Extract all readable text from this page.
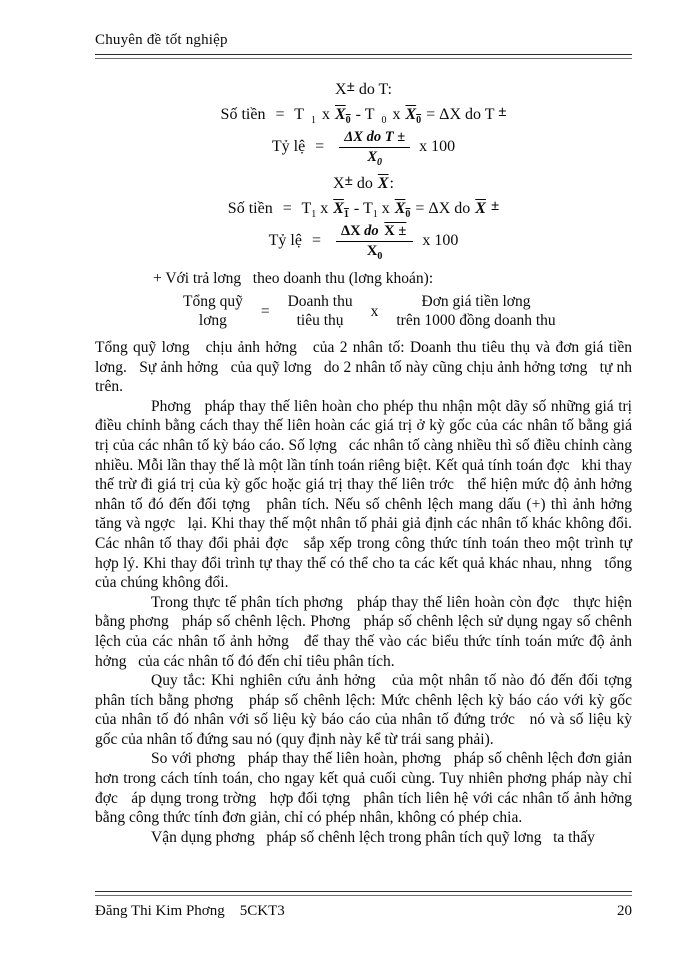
Chuyên đề tốt nghiệp
X± do T:
Số tiền = T $_1$ x $X_0$ - T $_0$ x $X_0 = \Delta X$ do T ±
Tỷ lệ = $\frac{\text{ΔX do T ±}}{X_0}$ x 100
X± do $\overline{X}$:
Số tiền = $T_1$ x $X_1 - T_1$ x $X_0 = \Delta X$ do $\overline{X}$ ±
Tỷ lệ = $\frac{\text{ΔX do X ±}}{X_0}$ x 100
+ Với trả lơng   theo doanh thu (lơng khoán):
Tổng quỹ
lơng
=
Doanh thu
tiêu thụ
x
Đơn giá tiền lơng
trên 1000 đồng doanh thu

Tổng quỹ lơng   chịu ảnh hởng   của 2 nhân tố: Doanh thu tiêu thụ và đơn giá tiền lơng.   Sự ảnh hởng   của quỹ lơng   do 2 nhân tố này cũng chịu ảnh hởng tơng   tự nh   trên.

Phơng   pháp thay thế liên hoàn cho phép thu nhận một dãy số những giá trị điều chỉnh bằng cách thay thế liên hoàn các giá trị ở kỳ gốc của các nhân tố bằng giá trị của các nhân tố kỳ báo cáo. Số lợng   các nhân tố càng nhiều thì số điều chỉnh càng nhiều. Mỗi lần thay thế là một lần tính toán riêng biệt. Kết quả tính toán đợc   khi thay thế trừ đi giá trị của kỳ gốc hoặc giá trị thay thế liên trớc   thể hiện mức độ ảnh hởng   nhân tố đó đến đối tợng   phân tích. Nếu số chênh lệch mang dấu (+) thì ảnh hởng   tăng và ngợc   lại. Khi thay thế một nhân tố phải giả định các nhân tố khác không đổi. Các nhân tố thay đổi phải đợc   sắp xếp trong công thức tính toán theo một trình tự hợp lý. Khi thay đổi trình tự thay thế có thể cho ta các kết quả khác nhau, nhng   tổng của chúng không đổi.

Trong thực tế phân tích phơng   pháp thay thế liên hoàn còn đợc   thực hiện bằng phơng   pháp số chênh lệch. Phơng   pháp số chênh lệch sử dụng ngay số chênh lệch của các nhân tố ảnh hởng   để thay thế vào các biểu thức tính toán mức độ ảnh hởng   của các nhân tố đó đến chỉ tiêu phân tích.

Quy tắc: Khi nghiên cứu ảnh hởng   của một nhân tố nào đó đến đối tợng phân tích bằng phơng   pháp số chênh lệch: Mức chênh lệch kỳ báo cáo với kỳ gốc của nhân tố đó nhân với số liệu kỳ báo cáo của nhân tố đứng trớc   nó và số liệu kỳ gốc của nhân tố đứng sau nó (quy định này kể từ trái sang phải).

So với phơng   pháp thay thế liên hoàn, phơng   pháp số chênh lệch đơn giản hơn trong cách tính toán, cho ngay kết quả cuối cùng. Tuy nhiên phơng pháp này chỉ đợc   áp dụng trong trờng   hợp đối tợng   phân tích liên hệ với các nhân tố ảnh hởng   bằng công thức tính đơn giản, chỉ có phép nhân, không có phép chia.

Vận dụng phơng   pháp số chênh lệch trong phân tích quỹ lơng   ta thấy

Đăng Thi Kim Phơng    5CKT3	20
